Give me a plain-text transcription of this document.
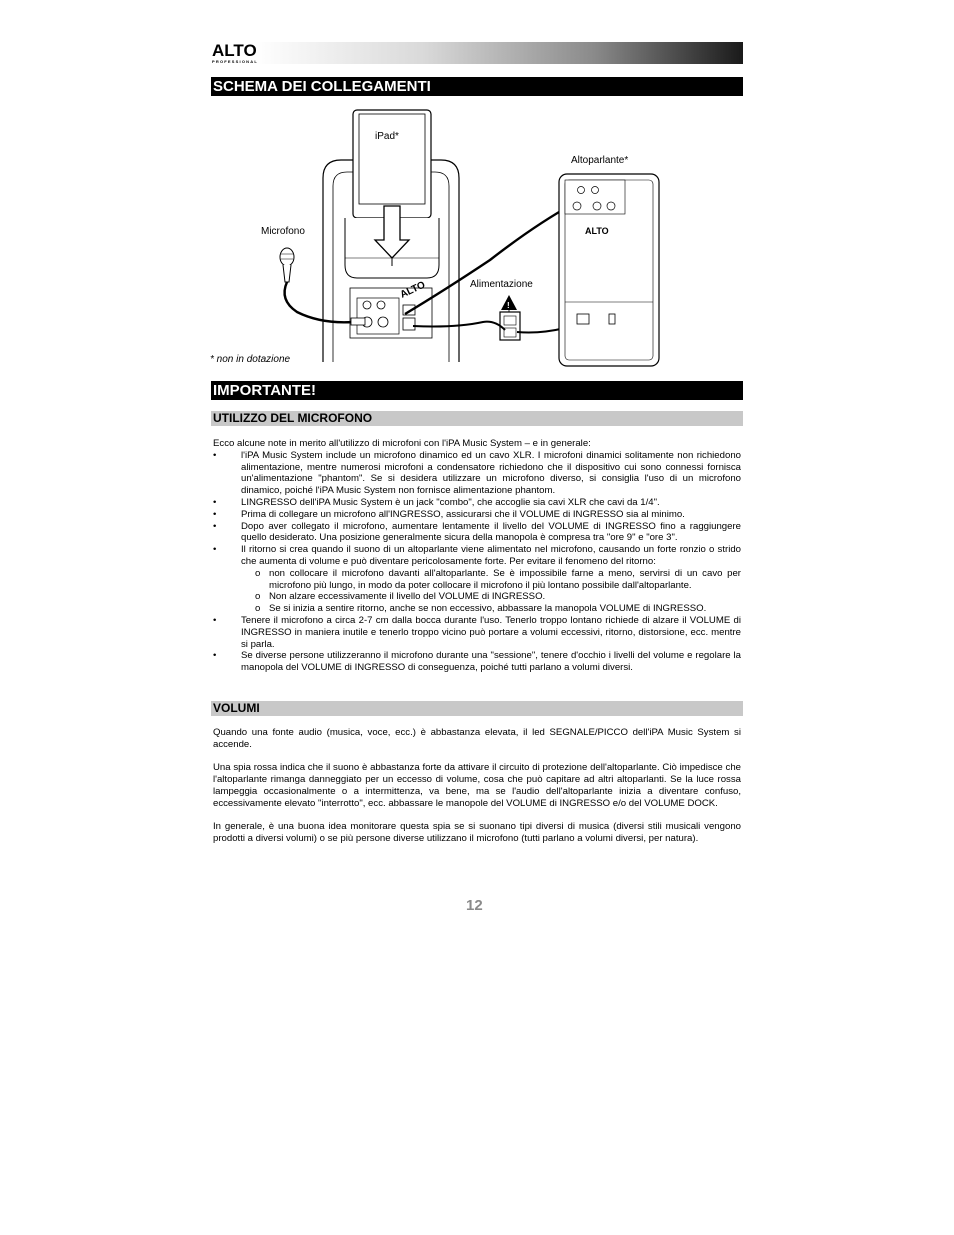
ALTO
PROFESSIONAL
SCHEMA DEI COLLEGAMENTI
ALTO
!
ALTO
iPad*
Altoparlante*
Microfono
Alimentazione
* non in dotazione
IMPORTANTE!
UTILIZZO DEL MICROFONO

Ecco alcune note in merito all'utilizzo di microfoni con l'iPA Music System – e in generale:

• l'iPA Music System include un microfono dinamico ed un cavo XLR. I microfoni dinamici solitamente non richiedono alimentazione, mentre numerosi microfoni a condensatore richiedono che il dispositivo cui sono connessi fornisca un'alimentazione "phantom". Se si desidera utilizzare un microfono diverso, si consiglia l'uso di un microfono dinamico, poiché l'iPA Music System non fornisce alimentazione phantom.
• LINGRESSO dell'iPA Music System è un jack "combo", che accoglie sia cavi XLR che cavi da 1/4".
• Prima di collegare un microfono all'INGRESSO, assicurarsi che il VOLUME di INGRESSO sia al minimo.
• Dopo aver collegato il microfono, aumentare lentamente il livello del VOLUME di INGRESSO fino a raggiungere quello desiderato. Una posizione generalmente sicura della manopola è compresa tra "ore 9" e "ore 3".
• Il ritorno si crea quando il suono di un altoparlante viene alimentato nel microfono, causando un forte ronzio o strido che aumenta di volume e può diventare pericolosamente forte. Per evitare il fenomeno del ritorno:
o non collocare il microfono davanti all'altoparlante. Se è impossibile farne a meno, servirsi di un cavo per microfono più lungo, in modo da poter collocare il microfono il più lontano possibile dall'altoparlante.
o Non alzare eccessivamente il livello del VOLUME di INGRESSO.
o Se si inizia a sentire ritorno, anche se non eccessivo, abbassare la manopola VOLUME di INGRESSO.
• Tenere il microfono a circa 2-7 cm dalla bocca durante l'uso. Tenerlo troppo lontano richiede di alzare il VOLUME di INGRESSO in maniera inutile e tenerlo troppo vicino può portare a volumi eccessivi, ritorno, distorsione, ecc. mentre si parla.
• Se diverse persone utilizzeranno il microfono durante una "sessione", tenere d'occhio i livelli del volume e regolare la manopola del VOLUME di INGRESSO di conseguenza, poiché tutti parlano a volumi diversi.
VOLUMI

Quando una fonte audio (musica, voce, ecc.) è abbastanza elevata, il led SEGNALE/PICCO dell'iPA Music System si accende.

Una spia rossa indica che il suono è abbastanza forte da attivare il circuito di protezione dell'altoparlante. Ciò impedisce che l'altoparlante rimanga danneggiato per un eccesso di volume, cosa che può capitare ad altri altoparlanti. Se la luce rossa lampeggia occasionalmente o a intermittenza, va bene, ma se l'audio dell'altoparlante inizia a diventare confuso, eccessivamente elevato "interrotto", ecc. abbassare le manopole del VOLUME di INGRESSO e/o del VOLUME DOCK.

In generale, è una buona idea monitorare questa spia se si suonano tipi diversi di musica (diversi stili musicali vengono prodotti a diversi volumi) o se più persone diverse utilizzano il microfono (tutti parlano a volumi diversi, per natura).

12
